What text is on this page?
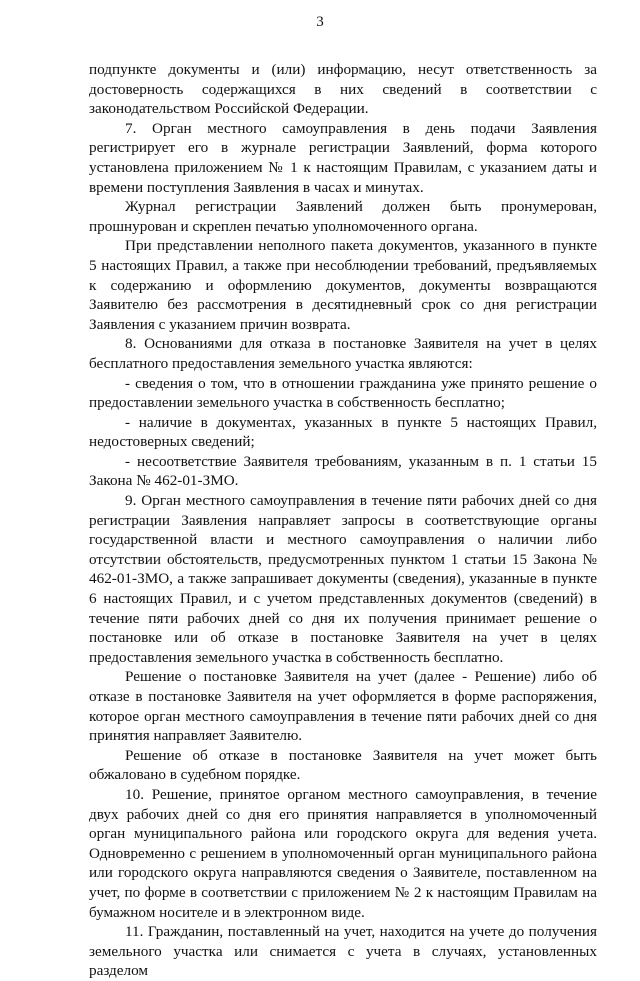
3

подпункте документы и (или) информацию, несут ответственность за достоверность содержащихся в них сведений в соответствии с законодательством Российской Федерации.

7. Орган местного самоуправления в день подачи Заявления регистрирует его в журнале регистрации Заявлений, форма которого установлена приложением № 1 к настоящим Правилам, с указанием даты и времени поступления Заявления в часах и минутах.

Журнал регистрации Заявлений должен быть пронумерован, прошнурован и скреплен печатью уполномоченного органа.

При представлении неполного пакета документов, указанного в пункте 5 настоящих Правил, а также при несоблюдении требований, предъявляемых к содержанию и оформлению документов, документы возвращаются Заявителю без рассмотрения в десятидневный срок со дня регистрации Заявления с указанием причин возврата.

8. Основаниями для отказа в постановке Заявителя на учет в целях бесплатного предоставления земельного участка являются:

- сведения о том, что в отношении гражданина уже принято решение о предоставлении земельного участка в собственность бесплатно;

- наличие в документах, указанных в пункте 5 настоящих Правил, недостоверных сведений;

- несоответствие Заявителя требованиям, указанным в п. 1 статьи 15 Закона № 462-01-ЗМО.

9. Орган местного самоуправления в течение пяти рабочих дней со дня регистрации Заявления направляет запросы в соответствующие органы государственной власти и местного самоуправления о наличии либо отсутствии обстоятельств, предусмотренных пунктом 1 статьи 15 Закона № 462-01-ЗМО, а также запрашивает документы (сведения), указанные в пункте 6 настоящих Правил, и с учетом представленных документов (сведений) в течение пяти рабочих дней со дня их получения принимает решение о постановке или об отказе в постановке Заявителя на учет в целях предоставления земельного участка в собственность бесплатно.

Решение о постановке Заявителя на учет (далее - Решение) либо об отказе в постановке Заявителя на учет оформляется в форме распоряжения, которое орган местного самоуправления в течение пяти рабочих дней со дня принятия направляет Заявителю.

Решение об отказе в постановке Заявителя на учет может быть обжаловано в судебном порядке.

10. Решение, принятое органом местного самоуправления, в течение двух рабочих дней со дня его принятия направляется в уполномоченный орган муниципального района или городского округа для ведения учета. Одновременно с решением в уполномоченный орган муниципального района или городского округа направляются сведения о Заявителе, поставленном на учет, по форме в соответствии с приложением № 2 к настоящим Правилам на бумажном носителе и в электронном виде.

11. Гражданин, поставленный на учет, находится на учете до получения земельного участка или снимается с учета в случаях, установленных разделом
